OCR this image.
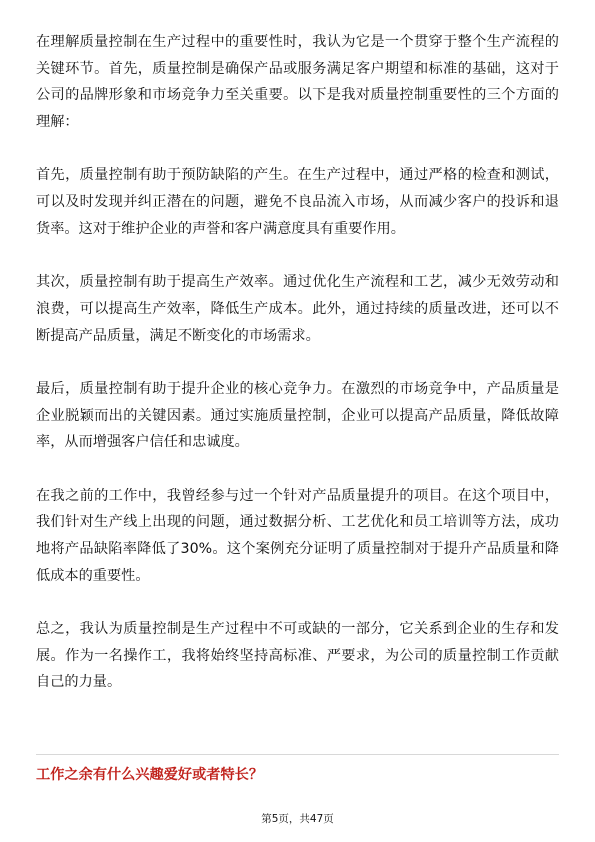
在理解质量控制在生产过程中的重要性时，我认为它是一个贯穿于整个生产流程的关键环节。首先，质量控制是确保产品或服务满足客户期望和标准的基础，这对于公司的品牌形象和市场竞争力至关重要。以下是我对质量控制重要性的三个方面的理解：

首先，质量控制有助于预防缺陷的产生。在生产过程中，通过严格的检查和测试，可以及时发现并纠正潜在的问题，避免不良品流入市场，从而减少客户的投诉和退货率。这对于维护企业的声誉和客户满意度具有重要作用。

其次，质量控制有助于提高生产效率。通过优化生产流程和工艺，减少无效劳动和浪费，可以提高生产效率，降低生产成本。此外，通过持续的质量改进，还可以不断提高产品质量，满足不断变化的市场需求。

最后，质量控制有助于提升企业的核心竞争力。在激烈的市场竞争中，产品质量是企业脱颖而出的关键因素。通过实施质量控制，企业可以提高产品质量，降低故障率，从而增强客户信任和忠诚度。

在我之前的工作中，我曾经参与过一个针对产品质量提升的项目。在这个项目中，我们针对生产线上出现的问题，通过数据分析、工艺优化和员工培训等方法，成功地将产品缺陷率降低了30%。这个案例充分证明了质量控制对于提升产品质量和降低成本的重要性。

总之，我认为质量控制是生产过程中不可或缺的一部分，它关系到企业的生存和发展。作为一名操作工，我将始终坚持高标准、严要求，为公司的质量控制工作贡献自己的力量。

工作之余有什么兴趣爱好或者特长？
第5页，共47页
